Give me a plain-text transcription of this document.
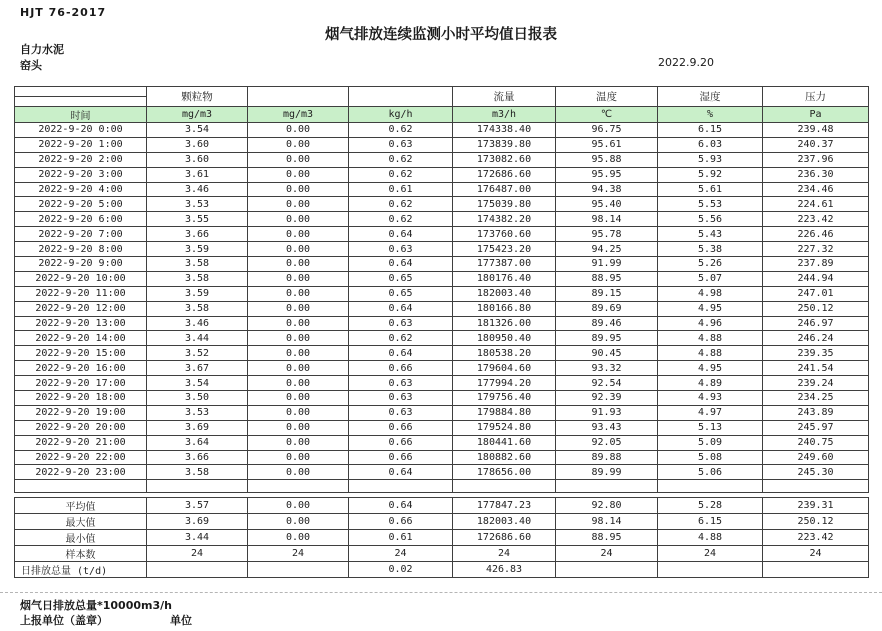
HJT 76-2017
烟气排放连续监测小时平均值日报表
自力水泥
窑头	2022.9.20
	颗粒物			流量	温度	湿度	压力

时间	mg/m3	mg/m3	kg/h	m3/h	℃	%	Pa
2022-9-20 0:00	3.54	0.00	0.62	174338.40	96.75	6.15	239.48
2022-9-20 1:00	3.60	0.00	0.63	173839.80	95.61	6.03	240.37
2022-9-20 2:00	3.60	0.00	0.62	173082.60	95.88	5.93	237.96
2022-9-20 3:00	3.61	0.00	0.62	172686.60	95.95	5.92	236.30
2022-9-20 4:00	3.46	0.00	0.61	176487.00	94.38	5.61	234.46
2022-9-20 5:00	3.53	0.00	0.62	175039.80	95.40	5.53	224.61
2022-9-20 6:00	3.55	0.00	0.62	174382.20	98.14	5.56	223.42
2022-9-20 7:00	3.66	0.00	0.64	173760.60	95.78	5.43	226.46
2022-9-20 8:00	3.59	0.00	0.63	175423.20	94.25	5.38	227.32
2022-9-20 9:00	3.58	0.00	0.64	177387.00	91.99	5.26	237.89
2022-9-20 10:00	3.58	0.00	0.65	180176.40	88.95	5.07	244.94
2022-9-20 11:00	3.59	0.00	0.65	182003.40	89.15	4.98	247.01
2022-9-20 12:00	3.58	0.00	0.64	180166.80	89.69	4.95	250.12
2022-9-20 13:00	3.46	0.00	0.63	181326.00	89.46	4.96	246.97
2022-9-20 14:00	3.44	0.00	0.62	180950.40	89.95	4.88	246.24
2022-9-20 15:00	3.52	0.00	0.64	180538.20	90.45	4.88	239.35
2022-9-20 16:00	3.67	0.00	0.66	179604.60	93.32	4.95	241.54
2022-9-20 17:00	3.54	0.00	0.63	177994.20	92.54	4.89	239.24
2022-9-20 18:00	3.50	0.00	0.63	179756.40	92.39	4.93	234.25
2022-9-20 19:00	3.53	0.00	0.63	179884.80	91.93	4.97	243.89
2022-9-20 20:00	3.69	0.00	0.66	179524.80	93.43	5.13	245.97
2022-9-20 21:00	3.64	0.00	0.66	180441.60	92.05	5.09	240.75
2022-9-20 22:00	3.66	0.00	0.66	180882.60	89.88	5.08	249.60
2022-9-20 23:00	3.58	0.00	0.64	178656.00	89.99	5.06	245.30

平均值	3.57	0.00	0.64	177847.23	92.80	5.28	239.31
最大值	3.69	0.00	0.66	182003.40	98.14	6.15	250.12
最小值	3.44	0.00	0.61	172686.60	88.95	4.88	223.42
样本数	24	24	24	24	24	24	24
日排放总量 (t/d)			0.02	426.83			
烟气日排放总量*10000m3/h
上报单位（盖章）	单位
